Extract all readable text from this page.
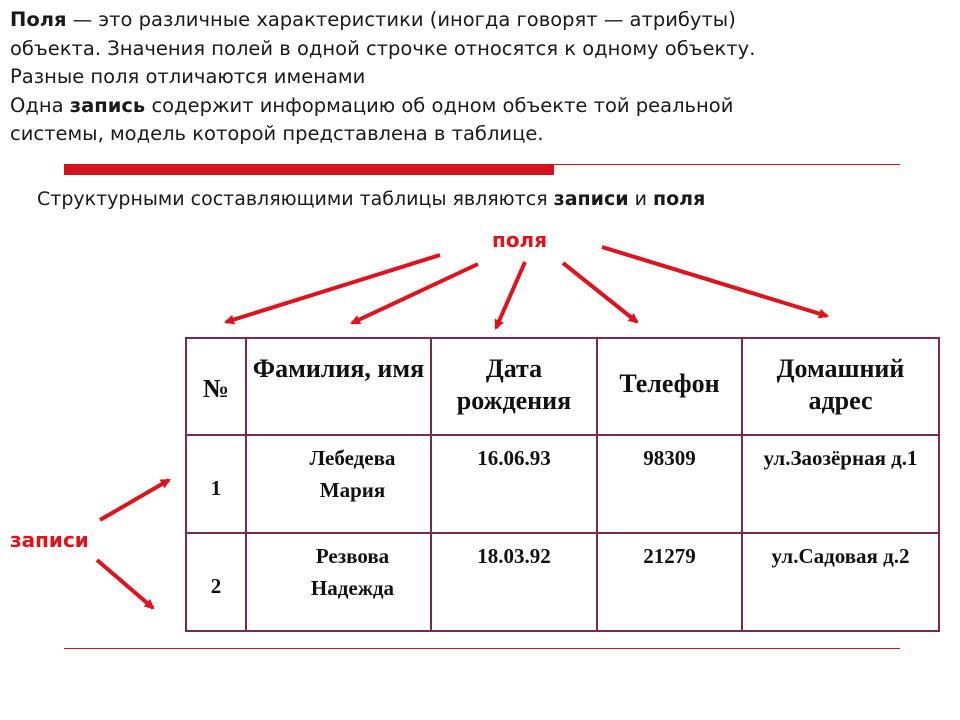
Поля — это различные характеристики (иногда говорят — атрибуты)

объекта. Значения полей в одной строчке относятся к одному объекту.

Разные поля отличаются именами

Одна запись содержит информацию об одном объекте той реальной

системы, модель которой представлена в таблице.

Структурными составляющими таблицы являются записи и поля
поля
записи
№	Фамилия, имя	Дата рождения	Телефон	Домашний адрес

1	Лебедева Мария	16.06.93	98309	ул.Заозёрная д.1

2	Резвова Надежда	18.03.92	21279	ул.Садовая д.2
